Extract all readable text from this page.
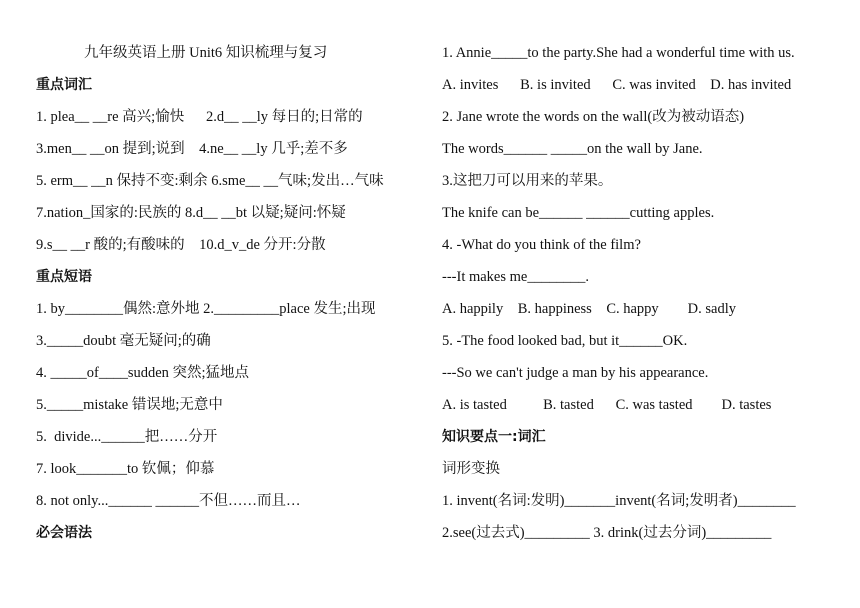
九年级英语上册 Unit6 知识梳理与复习
重点词汇
1. plea__ __re 高兴;愉快      2.d__ __ly 每日的;日常的
3.men__ __on 提到;说到    4.ne__ __ly 几乎;差不多
5. erm__ __n 保持不变:剩余 6.sme__ __气味;发出…气味
7.nation_国家的:民族的 8.d__ __bt 以疑;疑问:怀疑
9.s__ __r 酸的;有酸味的    10.d_v_de 分开:分散
重点短语
1. by________偶然:意外地 2._________place 发生;出现
3._____doubt 毫无疑问;的确
4. _____of____sudden 突然;猛地点
5._____mistake 错误地;无意中
5.  divide...______把……分开
7. look_______to 钦佩；仰慕
8. not only...______ ______不但……而且…
必会语法
1. Annie_____to the party.She had a wonderful time with us.
A. invites      B. is invited      C. was invited    D. has invited
2. Jane wrote the words on the wall(改为被动语态)
The words______ _____on the wall by Jane.
3.这把刀可以用来的苹果。
The knife can be______ ______cutting apples.
4. -What do you think of the film?
---It makes me________.
A. happily    B. happiness    C. happy        D. sadly
5. -The food looked bad, but it______OK.
---So we can't judge a man by his appearance.
A. is tasted          B. tasted      C. was tasted        D. tastes
知识要点一:词汇
词形变换
1. invent(名词:发明)_______invent(名词;发明者)________
2.see(过去式)_________ 3. drink(过去分词)_________
